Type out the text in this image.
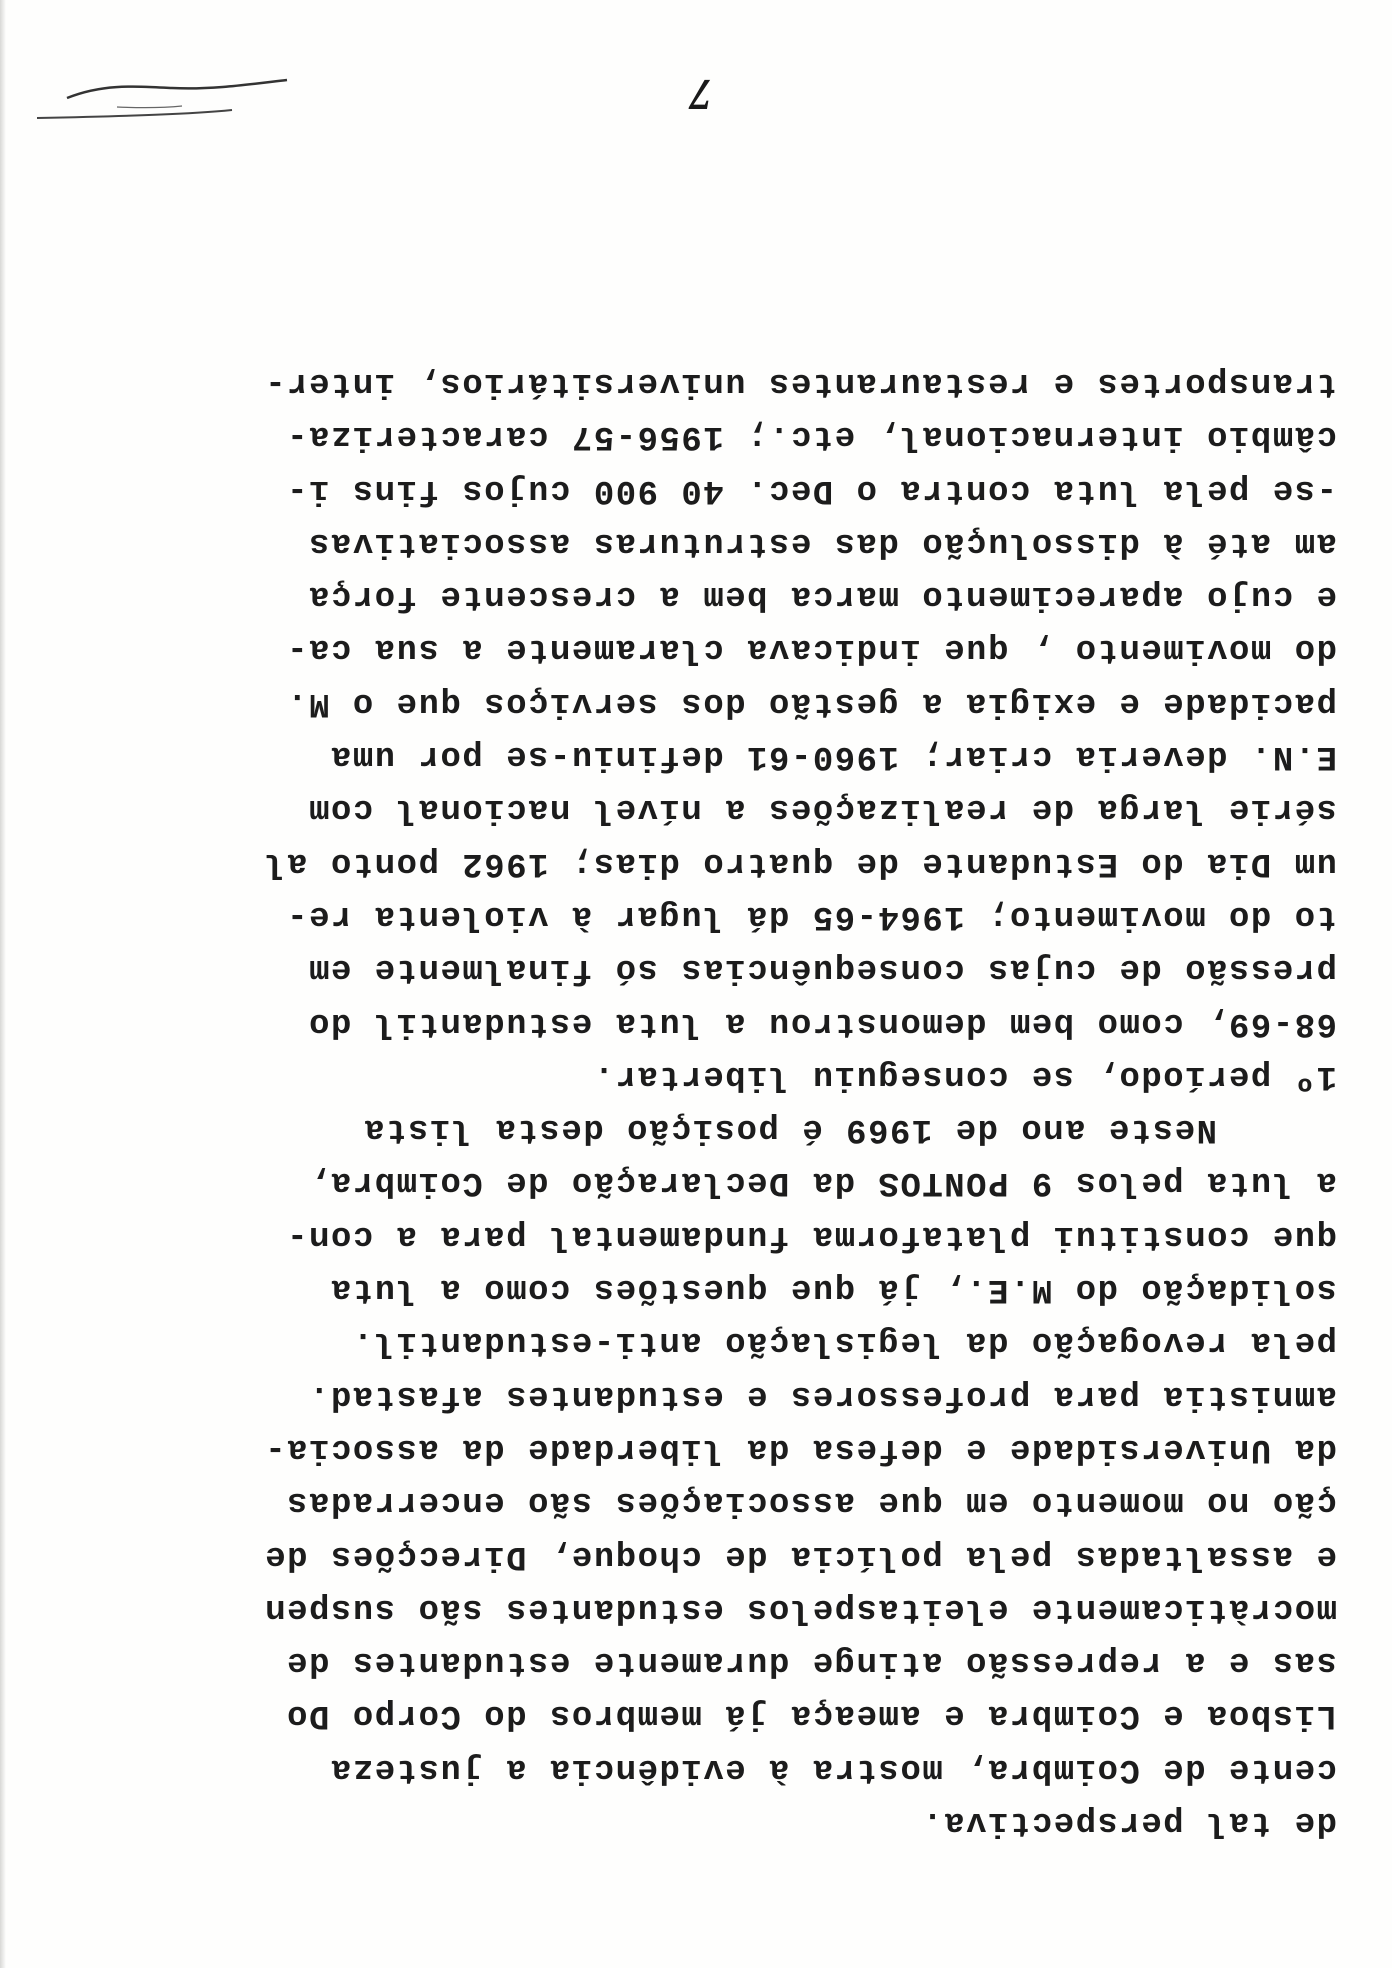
de tal perspectiva.
cente de Coimbra, mostra à evidência a justeza
Lisboa e Coimbra e ameaça já membros do Corpo Do
sas e a repressão atinge duramente estudantes de
mocràticamente eleitaspelos estudantes são suspen
e assaltadas pela polícia de choque, Direcções de
ção no momento em que associações são encerradas
da Universidade e defesa da liberdade da associa-
amnistia para professores e estudantes afastad.
pela revogação da legislação anti-estudantil.
solidação do M.E., já que questões como a luta
que constitui plataforma fundamental para a con-
a luta pelos 9 PONTOS da Declaração de Coimbra,
Neste ano de 1969 é posição desta lista
1º período, se conseguiu libertar.
68-69, como bem demonstrou a luta estudantil do
pressão de cujas consequências só finalmente em
to do movimento; 1964-65 dá lugar à violenta re-
um Dia do Estudante de quatro dias; 1962 ponto al
série larga de realizações a nível nacional com
E.N. deveria criar; 1960-61 definiu-se por uma
pacidade e exigia a gestão dos serviços que o M.
do movimento , que indicava claramente a sua ca-
e cujo aparecimento marca bem a crescente força
am até à dissolução das estruturas associativas
-se pela luta contra o Dec. 40 900 cujos fins i-
câmbio internacional, etc.; 1956-57 caracteriza-
transportes e restaurantes universitários, inter-
7
